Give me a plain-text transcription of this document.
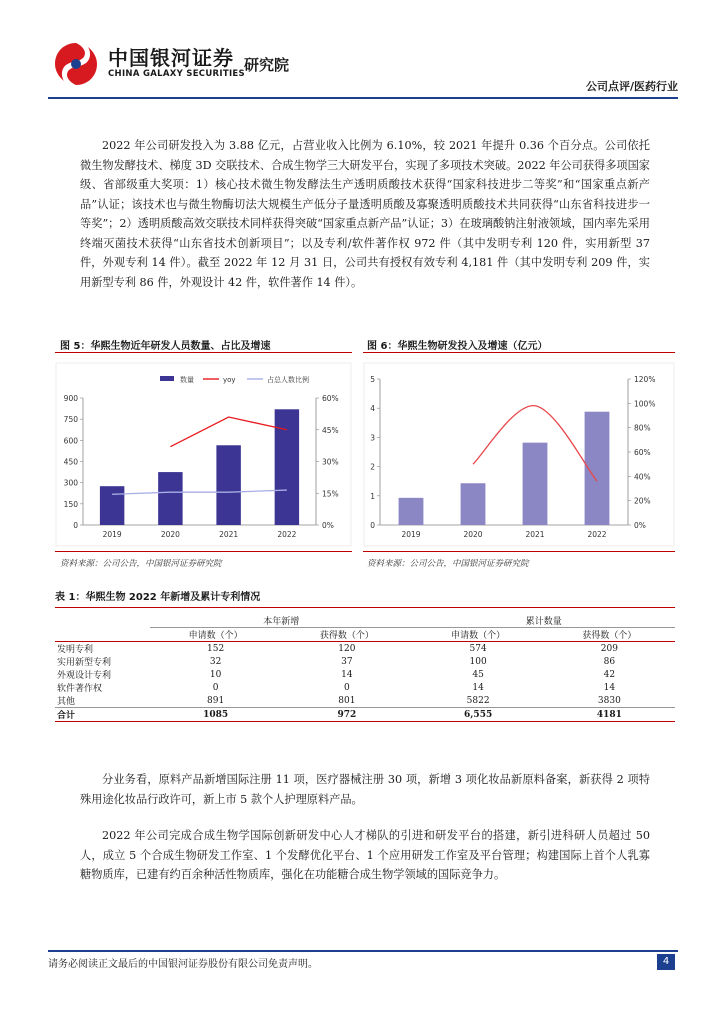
中国银河证券
CHINA GALAXY SECURITIES 研究院
公司点评/医药行业

2022 年公司研发投入为 3.88 亿元，占营业收入比例为 6.10%，较 2021 年提升 0.36 个百分点。公司依托微生物发酵技术、梯度 3D 交联技术、合成生物学三大研发平台，实现了多项技术突破。2022 年公司获得多项国家级、省部级重大奖项：1）核心技术微生物发酵法生产透明质酸技术获得“国家科技进步二等奖”和“国家重点新产品”认证；该技术也与微生物酶切法大规模生产低分子量透明质酸及寡聚透明质酸技术共同获得“山东省科技进步一等奖”；2）透明质酸高效交联技术同样获得突破“国家重点新产品”认证；3）在玻璃酸钠注射液领域，国内率先采用终端灭菌技术获得“山东省技术创新项目”；以及专利/软件著作权 972 件（其中发明专利 120 件，实用新型 37 件，外观专利 14 件）。截至 2022 年 12 月 31 日，公司共有授权有效专利 4,181 件（其中发明专利 209 件，实用新型专利 86 件，外观设计 42 件，软件著作 14 件）。

图 5：华熙生物近年研发人员数量、占比及增速
0
150
300
450
600
750
900
0%
15%
30%
45%
60%
2019	2020	2021	2022
数量	yoy	占总人数比例
资料来源：公司公告，中国银河证券研究院
图 6：华熙生物研发投入及增速（亿元）
0
1
2
3
4
5
0%
20%
40%
60%
80%
100%
120%
2019	2020	2021	2022
资料来源：公司公告，中国银河证券研究院
表 1：华熙生物 2022 年新增及累计专利情况
	本年新增		累计数量	
	申请数（个）	获得数（个）	申请数（个）	获得数（个）
发明专利	152	120	574	209
实用新型专利	32	37	100	86
外观设计专利	10	14	45	42
软件著作权	0	0	14	14
其他	891	801	5822	3830
合计	1085	972	6,555	4181

分业务看，原料产品新增国际注册 11 项，医疗器械注册 30 项，新增 3 项化妆品新原料备案，新获得 2 项特殊用途化妆品行政许可，新上市 5 款个人护理原料产品。

2022 年公司完成合成生物学国际创新研发中心人才梯队的引进和研发平台的搭建，新引进科研人员超过 50 人，成立 5 个合成生物研发工作室、1 个发酵优化平台、1 个应用研发工作室及平台管理；构建国际上首个人乳寡糖物质库，已建有约百余种活性物质库，强化在功能糖合成生物学领域的国际竞争力。

请务必阅读正文最后的中国银河证券股份有限公司免责声明。	4
